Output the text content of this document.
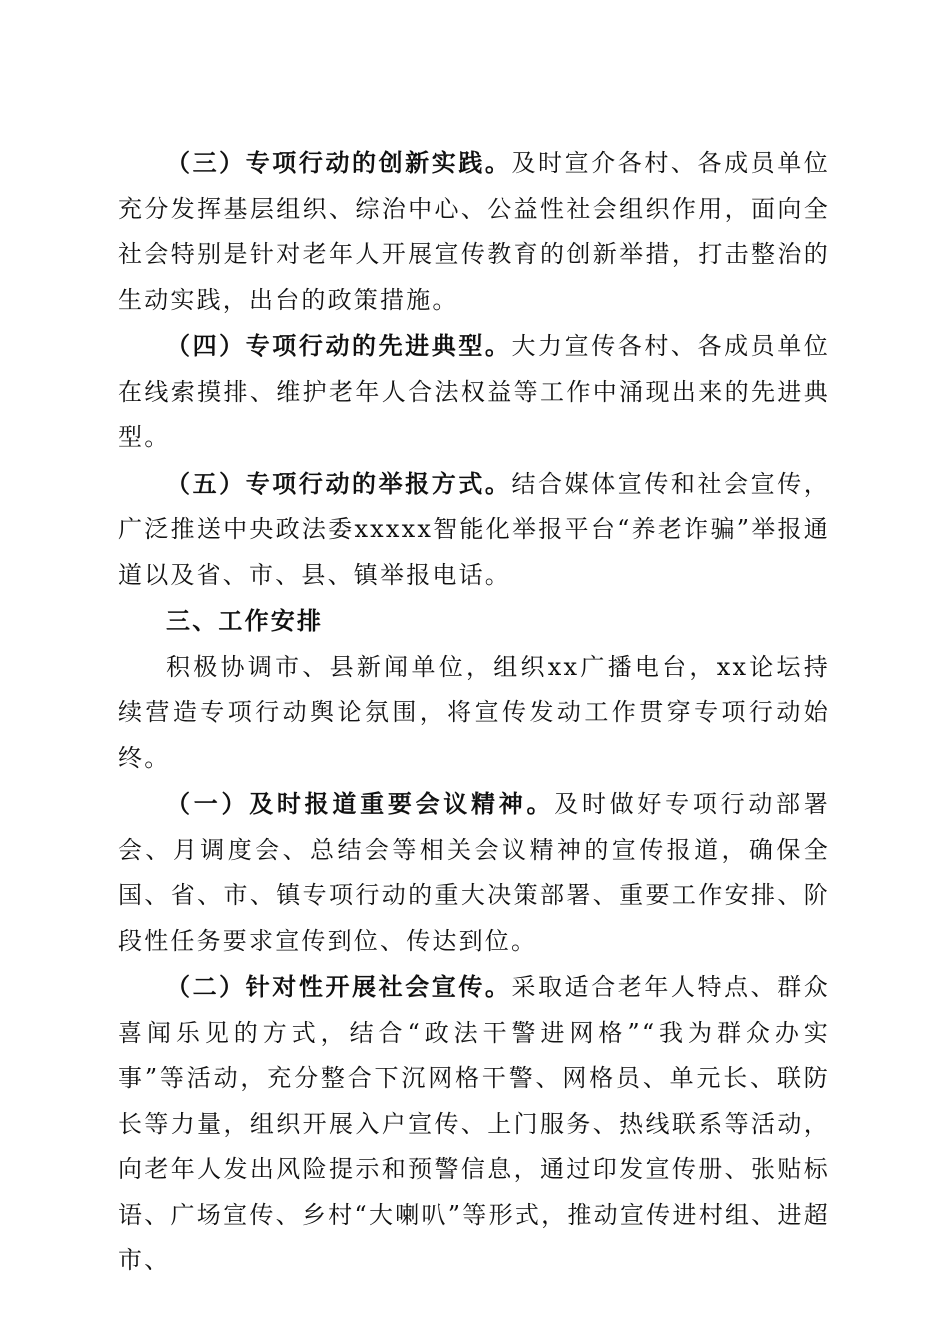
（三）专项行动的创新实践。及时宣介各村、各成员单位充分发挥基层组织、综治中心、公益性社会组织作用，面向全社会特别是针对老年人开展宣传教育的创新举措，打击整治的生动实践，出台的政策措施。

（四）专项行动的先进典型。大力宣传各村、各成员单位在线索摸排、维护老年人合法权益等工作中涌现出来的先进典型。

（五）专项行动的举报方式。结合媒体宣传和社会宣传，广泛推送中央政法委xxxxx智能化举报平台“养老诈骗”举报通道以及省、市、县、镇举报电话。

三、工作安排

积极协调市、县新闻单位，组织xx广播电台，xx论坛持续营造专项行动舆论氛围，将宣传发动工作贯穿专项行动始终。

（一）及时报道重要会议精神。及时做好专项行动部署会、月调度会、总结会等相关会议精神的宣传报道，确保全国、省、市、镇专项行动的重大决策部署、重要工作安排、阶段性任务要求宣传到位、传达到位。

（二）针对性开展社会宣传。采取适合老年人特点、群众喜闻乐见的方式，结合“政法干警进网格”“我为群众办实事”等活动，充分整合下沉网格干警、网格员、单元长、联防长等力量，组织开展入户宣传、上门服务、热线联系等活动，向老年人发出风险提示和预警信息，通过印发宣传册、张贴标语、广场宣传、乡村“大喇叭”等形式，推动宣传进村组、进超市、
